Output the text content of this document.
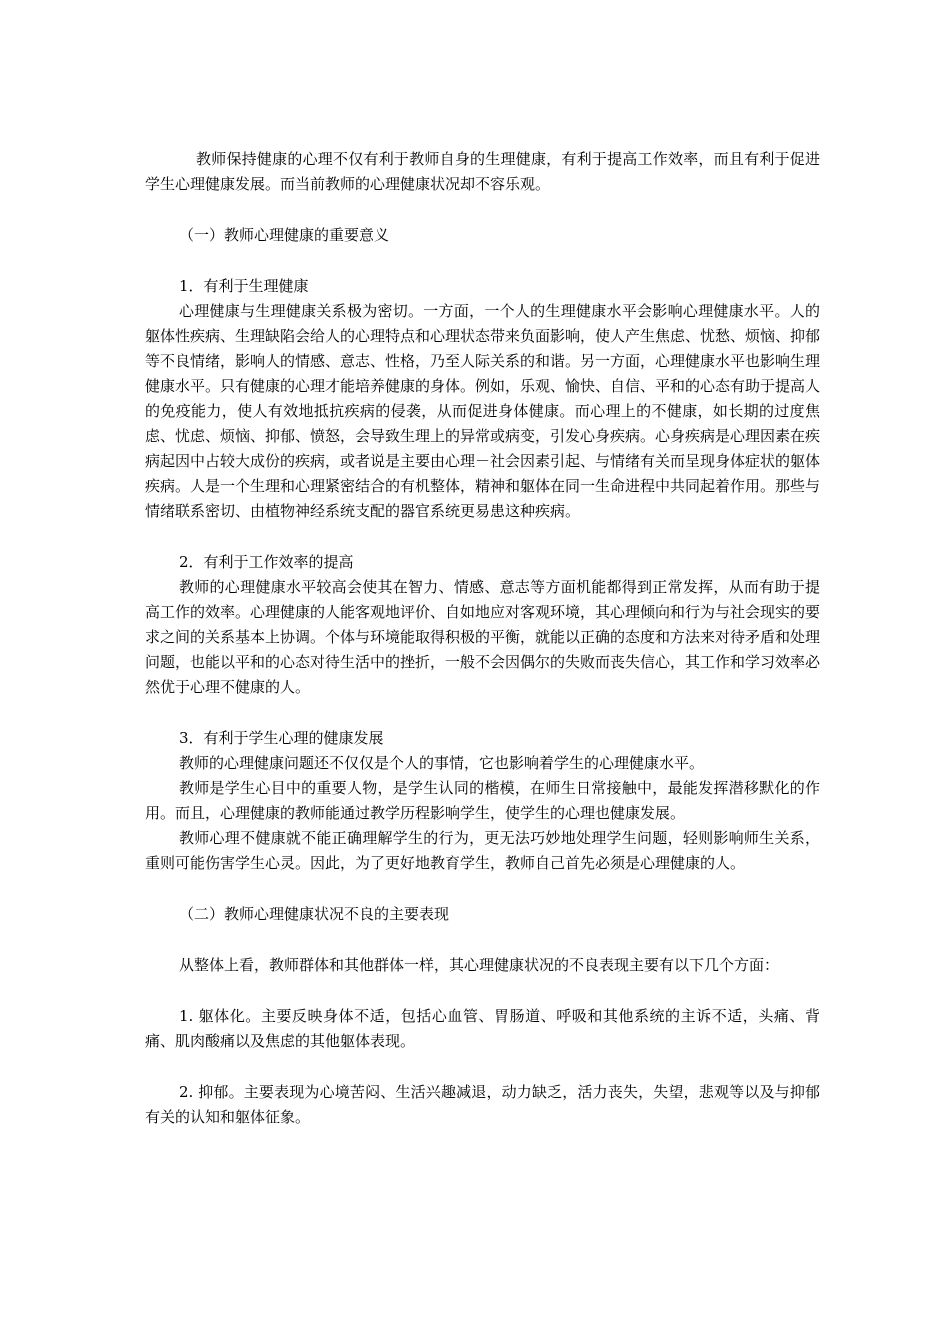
教师保持健康的心理不仅有利于教师自身的生理健康，有利于提高工作效率，而且有利于促进学生心理健康发展。而当前教师的心理健康状况却不容乐观。

（一）教师心理健康的重要意义

1．有利于生理健康

心理健康与生理健康关系极为密切。一方面，一个人的生理健康水平会影响心理健康水平。人的躯体性疾病、生理缺陷会给人的心理特点和心理状态带来负面影响，使人产生焦虑、忧愁、烦恼、抑郁等不良情绪，影响人的情感、意志、性格，乃至人际关系的和谐。另一方面，心理健康水平也影响生理健康水平。只有健康的心理才能培养健康的身体。例如，乐观、愉快、自信、平和的心态有助于提高人的免疫能力，使人有效地抵抗疾病的侵袭，从而促进身体健康。而心理上的不健康，如长期的过度焦虑、忧虑、烦恼、抑郁、愤怒，会导致生理上的异常或病变，引发心身疾病。心身疾病是心理因素在疾病起因中占较大成份的疾病，或者说是主要由心理－社会因素引起、与情绪有关而呈现身体症状的躯体疾病。人是一个生理和心理紧密结合的有机整体，精神和躯体在同一生命进程中共同起着作用。那些与情绪联系密切、由植物神经系统支配的器官系统更易患这种疾病。

2．有利于工作效率的提高

教师的心理健康水平较高会使其在智力、情感、意志等方面机能都得到正常发挥，从而有助于提高工作的效率。心理健康的人能客观地评价、自如地应对客观环境，其心理倾向和行为与社会现实的要求之间的关系基本上协调。个体与环境能取得积极的平衡，就能以正确的态度和方法来对待矛盾和处理问题，也能以平和的心态对待生活中的挫折，一般不会因偶尔的失败而丧失信心，其工作和学习效率必然优于心理不健康的人。

3．有利于学生心理的健康发展

教师的心理健康问题还不仅仅是个人的事情，它也影响着学生的心理健康水平。

教师是学生心目中的重要人物，是学生认同的楷模，在师生日常接触中，最能发挥潜移默化的作用。而且，心理健康的教师能通过教学历程影响学生，使学生的心理也健康发展。

教师心理不健康就不能正确理解学生的行为，更无法巧妙地处理学生问题，轻则影响师生关系，重则可能伤害学生心灵。因此，为了更好地教育学生，教师自己首先必须是心理健康的人。

（二）教师心理健康状况不良的主要表现

从整体上看，教师群体和其他群体一样，其心理健康状况的不良表现主要有以下几个方面：

1. 躯体化。主要反映身体不适，包括心血管、胃肠道、呼吸和其他系统的主诉不适，头痛、背痛、肌肉酸痛以及焦虑的其他躯体表现。

2. 抑郁。主要表现为心境苦闷、生活兴趣减退，动力缺乏，活力丧失，失望，悲观等以及与抑郁有关的认知和躯体征象。
